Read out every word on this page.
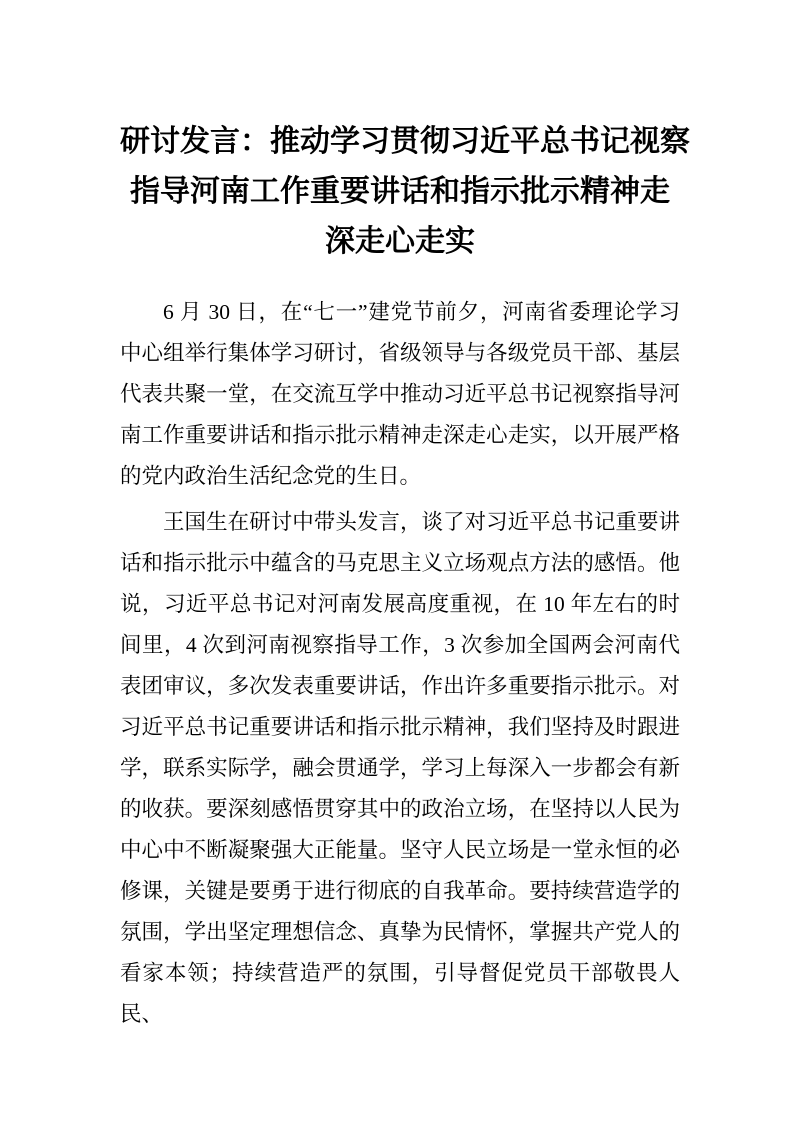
研讨发言：推动学习贯彻习近平总书记视察
指导河南工作重要讲话和指示批示精神走
深走心走实

6 月 30 日，在“七一”建党节前夕，河南省委理论学习中心组举行集体学习研讨，省级领导与各级党员干部、基层代表共聚一堂，在交流互学中推动习近平总书记视察指导河南工作重要讲话和指示批示精神走深走心走实，以开展严格的党内政治生活纪念党的生日。

王国生在研讨中带头发言，谈了对习近平总书记重要讲话和指示批示中蕴含的马克思主义立场观点方法的感悟。他说，习近平总书记对河南发展高度重视，在 10 年左右的时间里，4 次到河南视察指导工作，3 次参加全国两会河南代表团审议，多次发表重要讲话，作出许多重要指示批示。对习近平总书记重要讲话和指示批示精神，我们坚持及时跟进学，联系实际学，融会贯通学，学习上每深入一步都会有新的收获。要深刻感悟贯穿其中的政治立场，在坚持以人民为中心中不断凝聚强大正能量。坚守人民立场是一堂永恒的必修课，关键是要勇于进行彻底的自我革命。要持续营造学的氛围，学出坚定理想信念、真挚为民情怀，掌握共产党人的看家本领；持续营造严的氛围，引导督促党员干部敬畏人民、
